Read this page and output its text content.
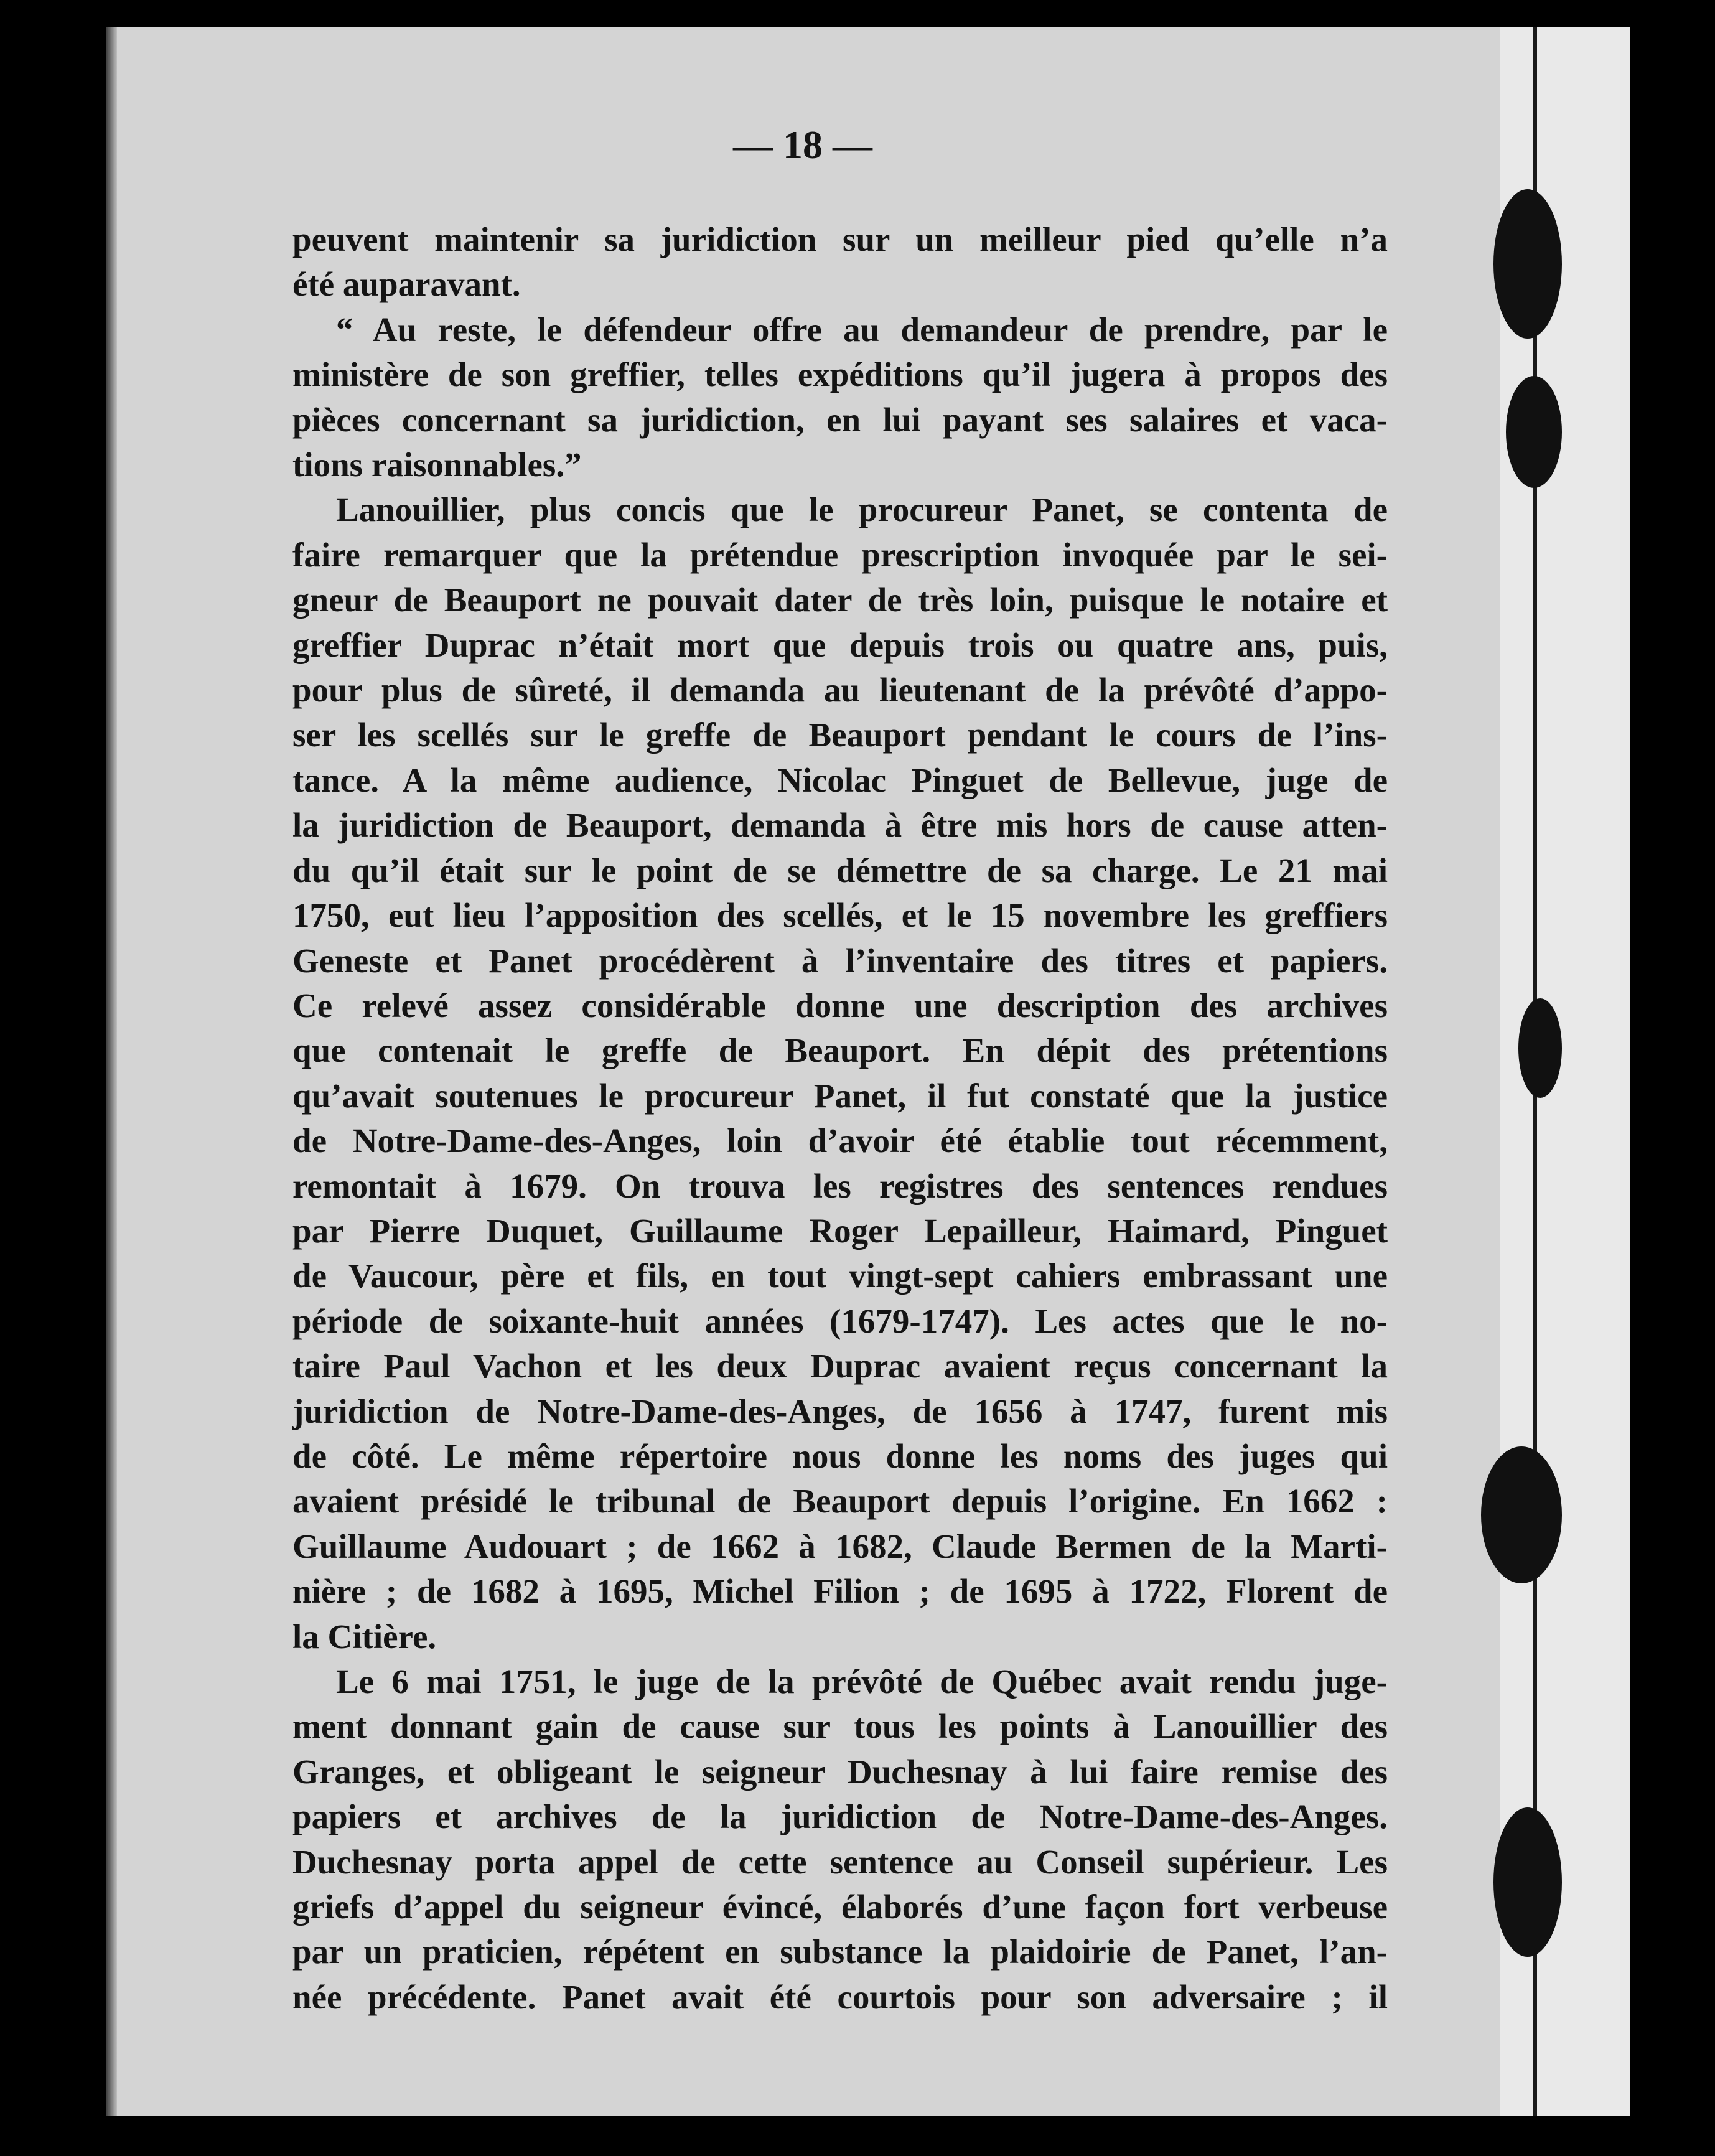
— 18 —
peuvent maintenir sa juridiction sur un meilleur pied qu’elle n’a
été auparavant.
“ Au reste, le défendeur offre au demandeur de prendre, par le
ministère de son greffier, telles expéditions qu’il jugera à propos des
pièces concernant sa juridiction, en lui payant ses salaires et vaca-
tions raisonnables.”
Lanouillier, plus concis que le procureur Panet, se contenta de
faire remarquer que la prétendue prescription invoquée par le sei-
gneur de Beauport ne pouvait dater de très loin, puisque le notaire et
greffier Duprac n’était mort que depuis trois ou quatre ans, puis,
pour plus de sûreté, il demanda au lieutenant de la prévôté d’appo-
ser les scellés sur le greffe de Beauport pendant le cours de l’ins-
tance. A la même audience, Nicolac Pinguet de Bellevue, juge de
la juridiction de Beauport, demanda à être mis hors de cause atten-
du qu’il était sur le point de se démettre de sa charge. Le 21 mai
1750, eut lieu l’apposition des scellés, et le 15 novembre les greffiers
Geneste et Panet procédèrent à l’inventaire des titres et papiers.
Ce relevé assez considérable donne une description des archives
que contenait le greffe de Beauport. En dépit des prétentions
qu’avait soutenues le procureur Panet, il fut constaté que la justice
de Notre-Dame-des-Anges, loin d’avoir été établie tout récemment,
remontait à 1679. On trouva les registres des sentences rendues
par Pierre Duquet, Guillaume Roger Lepailleur, Haimard, Pinguet
de Vaucour, père et fils, en tout vingt-sept cahiers embrassant une
période de soixante-huit années (1679-1747). Les actes que le no-
taire Paul Vachon et les deux Duprac avaient reçus concernant la
juridiction de Notre-Dame-des-Anges, de 1656 à 1747, furent mis
de côté. Le même répertoire nous donne les noms des juges qui
avaient présidé le tribunal de Beauport depuis l’origine. En 1662 :
Guillaume Audouart ; de 1662 à 1682, Claude Bermen de la Marti-
nière ; de 1682 à 1695, Michel Filion ; de 1695 à 1722, Florent de
la Citière.
Le 6 mai 1751, le juge de la prévôté de Québec avait rendu juge-
ment donnant gain de cause sur tous les points à Lanouillier des
Granges, et obligeant le seigneur Duchesnay à lui faire remise des
papiers et archives de la juridiction de Notre-Dame-des-Anges.
Duchesnay porta appel de cette sentence au Conseil supérieur. Les
griefs d’appel du seigneur évincé, élaborés d’une façon fort verbeuse
par un praticien, répétent en substance la plaidoirie de Panet, l’an-
née précédente. Panet avait été courtois pour son adversaire ; il
